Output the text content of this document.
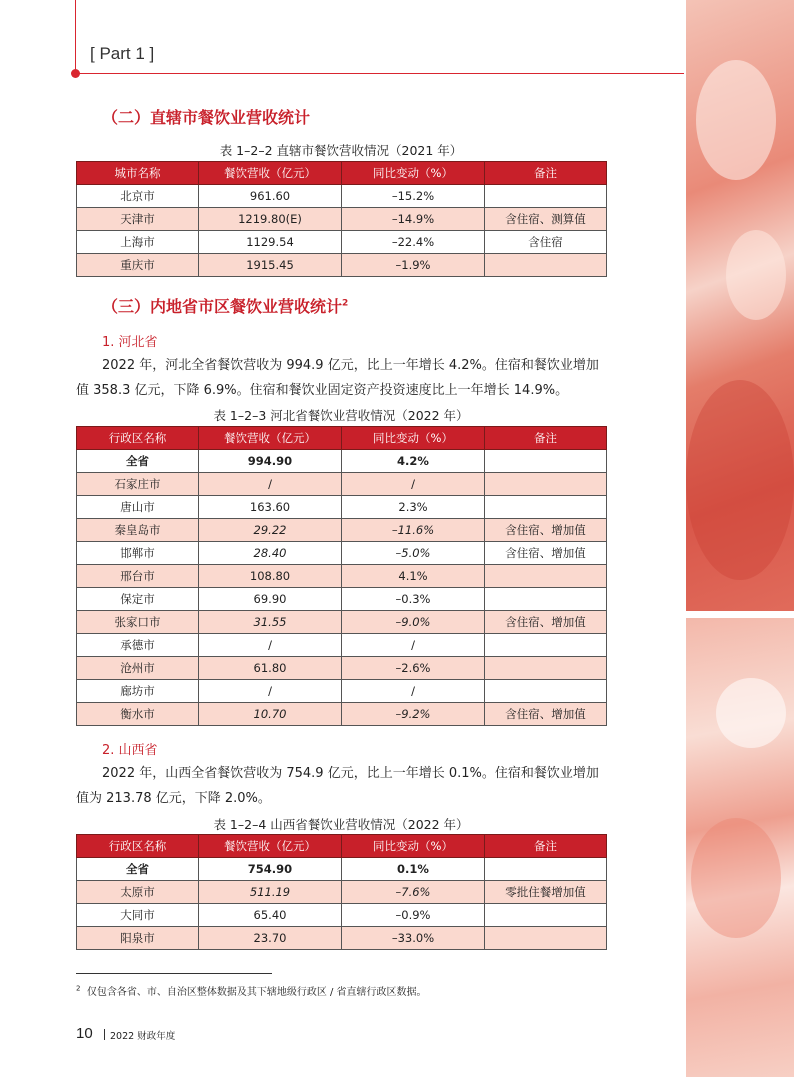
[ Part 1 ]
（二）直辖市餐饮业营收统计
表 1–2–2 直辖市餐饮营收情况（2021 年）
城市名称	餐饮营收（亿元）	同比变动（%）	备注
北京市	961.60	–15.2%	
天津市	1219.80(E)	–14.9%	含住宿、测算值
上海市	1129.54	–22.4%	含住宿
重庆市	1915.45	–1.9%	
（三）内地省市区餐饮业营收统计$^2$
1. 河北省
2022 年，河北全省餐饮营收为 994.9 亿元，比上一年增长 4.2%。住宿和餐饮业增加值 358.3 亿元，下降 6.9%。住宿和餐饮业固定资产投资速度比上一年增长 14.9%。
表 1–2–3 河北省餐饮业营收情况（2022 年）
行政区名称	餐饮营收（亿元）	同比变动（%）	备注
全省	994.90	4.2%	
石家庄市	/	/	
唐山市	163.60	2.3%	
秦皇岛市	29.22	–11.6%	含住宿、增加值
邯郸市	28.40	–5.0%	含住宿、增加值
邢台市	108.80	4.1%	
保定市	69.90	–0.3%	
张家口市	31.55	–9.0%	含住宿、增加值
承德市	/	/	
沧州市	61.80	–2.6%	
廊坊市	/	/	
衡水市	10.70	–9.2%	含住宿、增加值
2. 山西省
2022 年，山西全省餐饮营收为 754.9 亿元，比上一年增长 0.1%。住宿和餐饮业增加值为 213.78 亿元，下降 2.0%。
表 1–2–4 山西省餐饮业营收情况（2022 年）
行政区名称	餐饮营收（亿元）	同比变动（%）	备注
全省	754.90	0.1%	
太原市	511.19	–7.6%	零批住餐增加值
大同市	65.40	–0.9%	
阳泉市	23.70	–33.0%	
$^2$ 仅包含各省、市、自治区整体数据及其下辖地级行政区 / 省直辖行政区数据。
10 2022 财政年度
